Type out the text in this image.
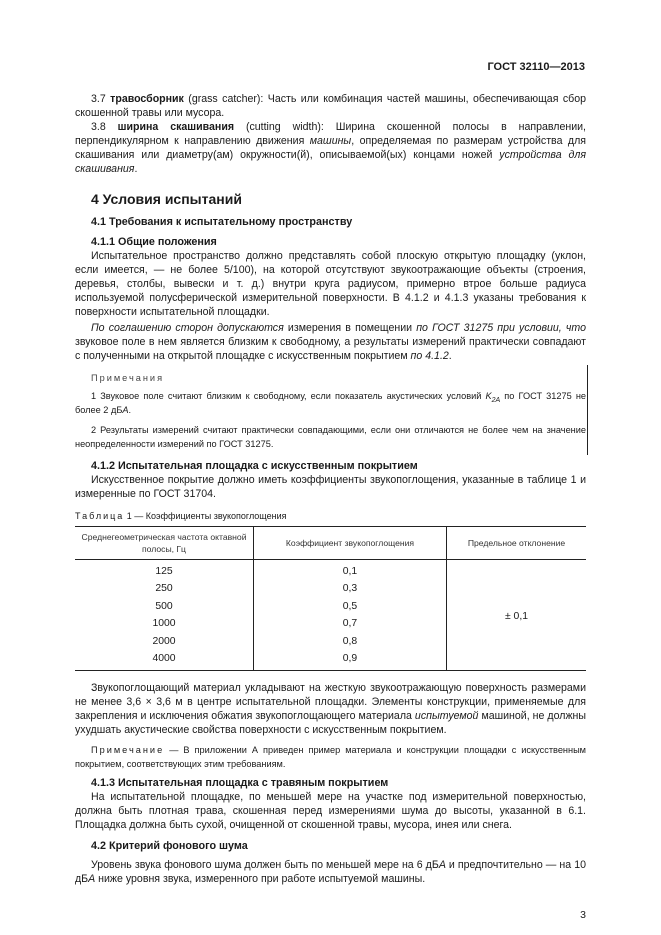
ГОСТ 32110—2013

3.7 травосборник (grass catcher): Часть или комбинация частей машины, обеспечивающая сбор скошенной травы или мусора.

3.8 ширина скашивания (cutting width): Ширина скошенной полосы в направлении, перпендикулярном к направлению движения машины, определяемая по размерам устройства для скашивания или диаметру(ам) окружности(й), описываемой(ых) концами ножей устройства для скашивания.

4 Условия испытаний
4.1 Требования к испытательному пространству
4.1.1 Общие положения

Испытательное пространство должно представлять собой плоскую открытую площадку (уклон, если имеется, — не более 5/100), на которой отсутствуют звукоотражающие объекты (строения, деревья, столбы, вывески и т. д.) внутри круга радиусом, примерно втрое больше радиуса используемой полусферической измерительной поверхности. В 4.1.2 и 4.1.3 указаны требования к поверхности испытательной площадки.

По соглашению сторон допускаются измерения в помещении по ГОСТ 31275 при условии, что звуковое поле в нем является близким к свободному, а результаты измерений практически совпадают с полученными на открытой площадке с искусственным покрытием по 4.1.2.

Примечания

1 Звуковое поле считают близким к свободному, если показатель акустических условий $K_{2A}$ по ГОСТ 31275 не более 2 дБA.

2 Результаты измерений считают практически совпадающими, если они отличаются не более чем на значение неопределенности измерений по ГОСТ 31275.

4.1.2 Испытательная площадка с искусственным покрытием

Искусственное покрытие должно иметь коэффициенты звукопоглощения, указанные в таблице 1 и измеренные по ГОСТ 31704.

Таблица 1 — Коэффициенты звукопоглощения
Среднегеометрическая частота октавной полосы, Гц	Коэффициент звукопоглощения	Предельное отклонение
125	0,1	± 0,1
250	0,3	
500	0,5	
1000	0,7	
2000	0,8	
4000	0,9	

Звукопоглощающий материал укладывают на жесткую звукоотражающую поверхность размерами не менее 3,6 × 3,6 м в центре испытательной площадки. Элементы конструкции, применяемые для закрепления и исключения обжатия звукопоглощающего материала испытуемой машиной, не должны ухудшать акустические свойства поверхности с искусственным покрытием.

Примечание — В приложении А приведен пример материала и конструкции площадки с искусственным покрытием, соответствующих этим требованиям.

4.1.3 Испытательная площадка с травяным покрытием

На испытательной площадке, по меньшей мере на участке под измерительной поверхностью, должна быть плотная трава, скошенная перед измерениями шума до высоты, указанной в 6.1. Площадка должна быть сухой, очищенной от скошенной травы, мусора, инея или снега.

4.2 Критерий фонового шума

Уровень звука фонового шума должен быть по меньшей мере на 6 дБA и предпочтительно — на 10 дБA ниже уровня звука, измеренного при работе испытуемой машины.

3
